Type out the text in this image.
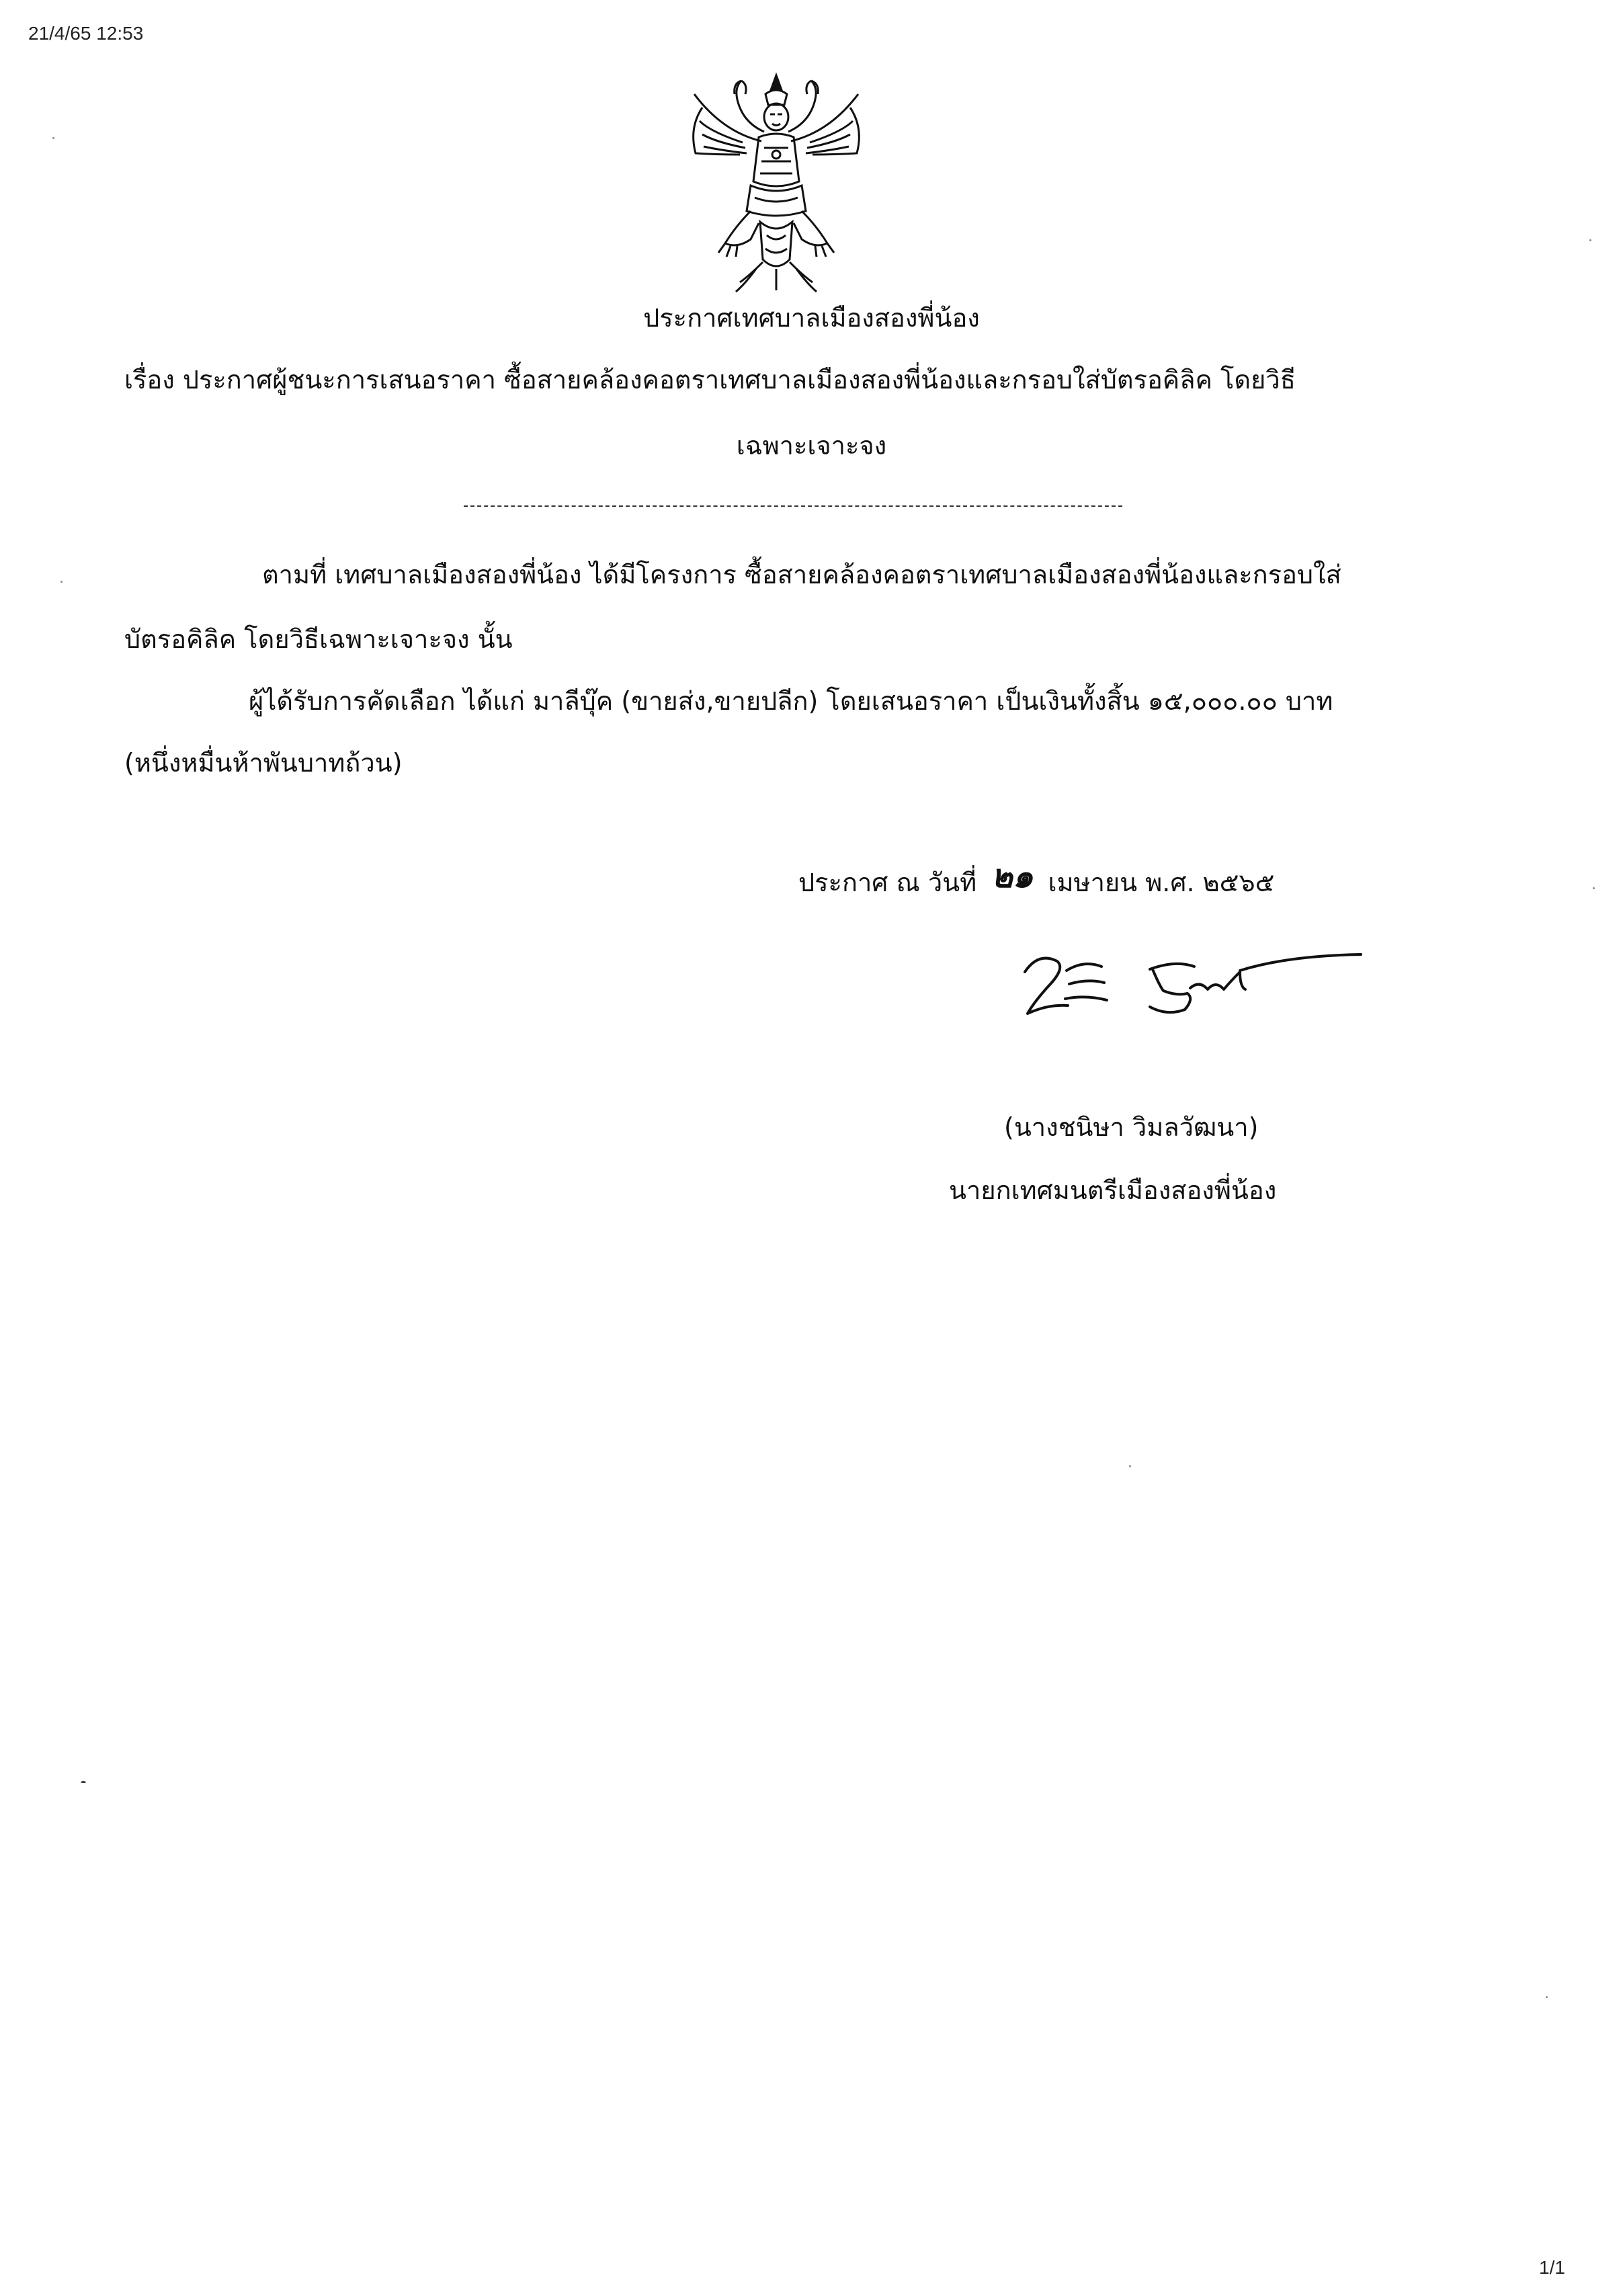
21/4/65 12:53
ประกาศเทศบาลเมืองสองพี่น้อง
เรื่อง ประกาศผู้ชนะการเสนอราคา ซื้อสายคล้องคอตราเทศบาลเมืองสองพี่น้องและกรอบใส่บัตรอคิลิค โดยวิธี
เฉพาะเจาะจง
ตามที่ เทศบาลเมืองสองพี่น้อง ได้มีโครงการ ซื้อสายคล้องคอตราเทศบาลเมืองสองพี่น้องและกรอบใส่
บัตรอคิลิค โดยวิธีเฉพาะเจาะจง นั้น
ผู้ได้รับการคัดเลือก ได้แก่ มาลีบุ๊ค (ขายส่ง,ขายปลีก) โดยเสนอราคา เป็นเงินทั้งสิ้น ๑๕,๐๐๐.๐๐ บาท
(หนึ่งหมื่นห้าพันบาทถ้วน)
ประกาศ ณ วันที่ ๒๑ เมษายน พ.ศ. ๒๕๖๕
(นางชนิษา วิมลวัฒนา)
นายกเทศมนตรีเมืองสองพี่น้อง
1/1
